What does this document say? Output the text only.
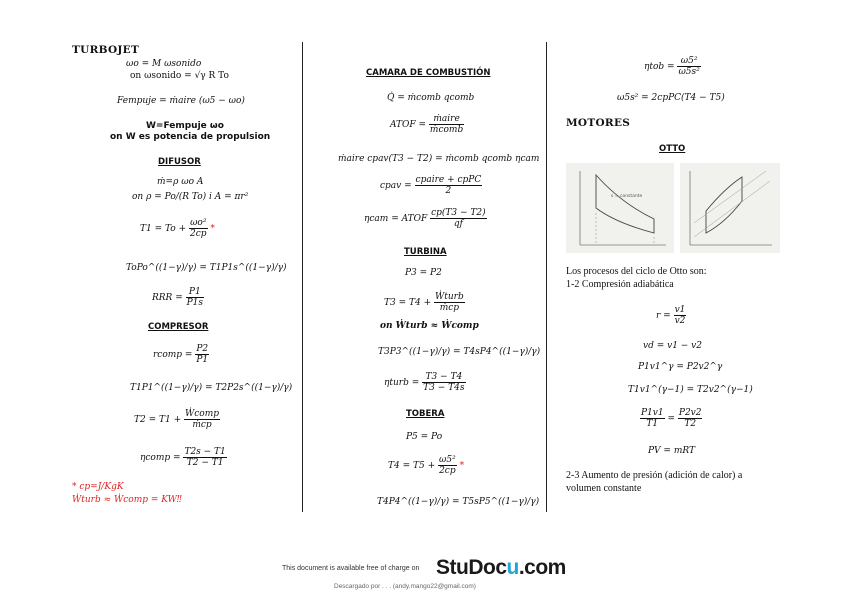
TURBOJET
ωo = M ωsonido
on ωsonido = √γ R To
Fempuje = ṁaire (ω5 − ωo)
W=Fempuje ωo
on W es potencia de propulsion
DIFUSOR
ṁ=ρ ωo A
on ρ = Po/(R To) i A = πr²
$T1 = To + \frac{\text{ωo²}}{2cp}$ *
ToPo^((1−γ)/γ) = T1P1s^((1−γ)/γ)
RRR = $\frac{P1}{P1s}$
COMPRESOR
rcomp = $\frac{P2}{P1}$
T1P1^((1−γ)/γ) = T2P2s^((1−γ)/γ)
$T2 = T1 + \frac{\text{Ẇcomp}}{\text{ṁcp}}$
ηcomp = $\frac{T2s - T1}{T2 - T1}$
* cp=J/KgK
Ẇturb ≈ Ẇcomp = KW‼
CAMARA DE COMBUSTIÓN
Q̇ = ṁcomb qcomb
ATOF = $\frac{\text{ṁaire}}{\text{ṁcomb}}$
ṁaire cpav(T3 − T2) = ṁcomb qcomb ηcam
cpav = $\frac{\text{cpaire + cpPC}}{2}$
ηcam = ATOF $\frac{cp(T3 - T2)}{qf}$
TURBINA
P3 = P2
$T3 = T4 + \frac{\text{Ẇturb}}{\text{ṁcp}}$
on Ẇturb ≈ Ẇcomp
T3P3^((1−γ)/γ) = T4sP4^((1−γ)/γ)
ηturb = $\frac{T3 - T4}{T3 - T4s}$
TOBERA
P5 = Po
$T4 = T5 + \frac{\text{ω5²}}{2cp}$ *
T4P4^((1−γ)/γ) = T5sP5^((1−γ)/γ)
$\eta tob = \frac{\text{ω5²}}{\text{ω5s²}}$
ω5s² = 2cpPC(T4 − T5)
MOTORES
OTTO
s = constante
Los procesos del ciclo de Otto son:
1-2 Compresión adiabática
$r = \frac{v1}{v2}$
vd = v1 − v2
P1v1^γ = P2v2^γ
T1v1^(γ−1) = T2v2^(γ−1)
$\frac{P1v1}{T1} = \frac{P2v2}{T2}$
PV = mRT
2-3 Aumento de presión (adición de calor) a
volumen constante
This document is available free of charge on StuDocu.com
Descargado por . . . (andy.mango22@gmail.com)
